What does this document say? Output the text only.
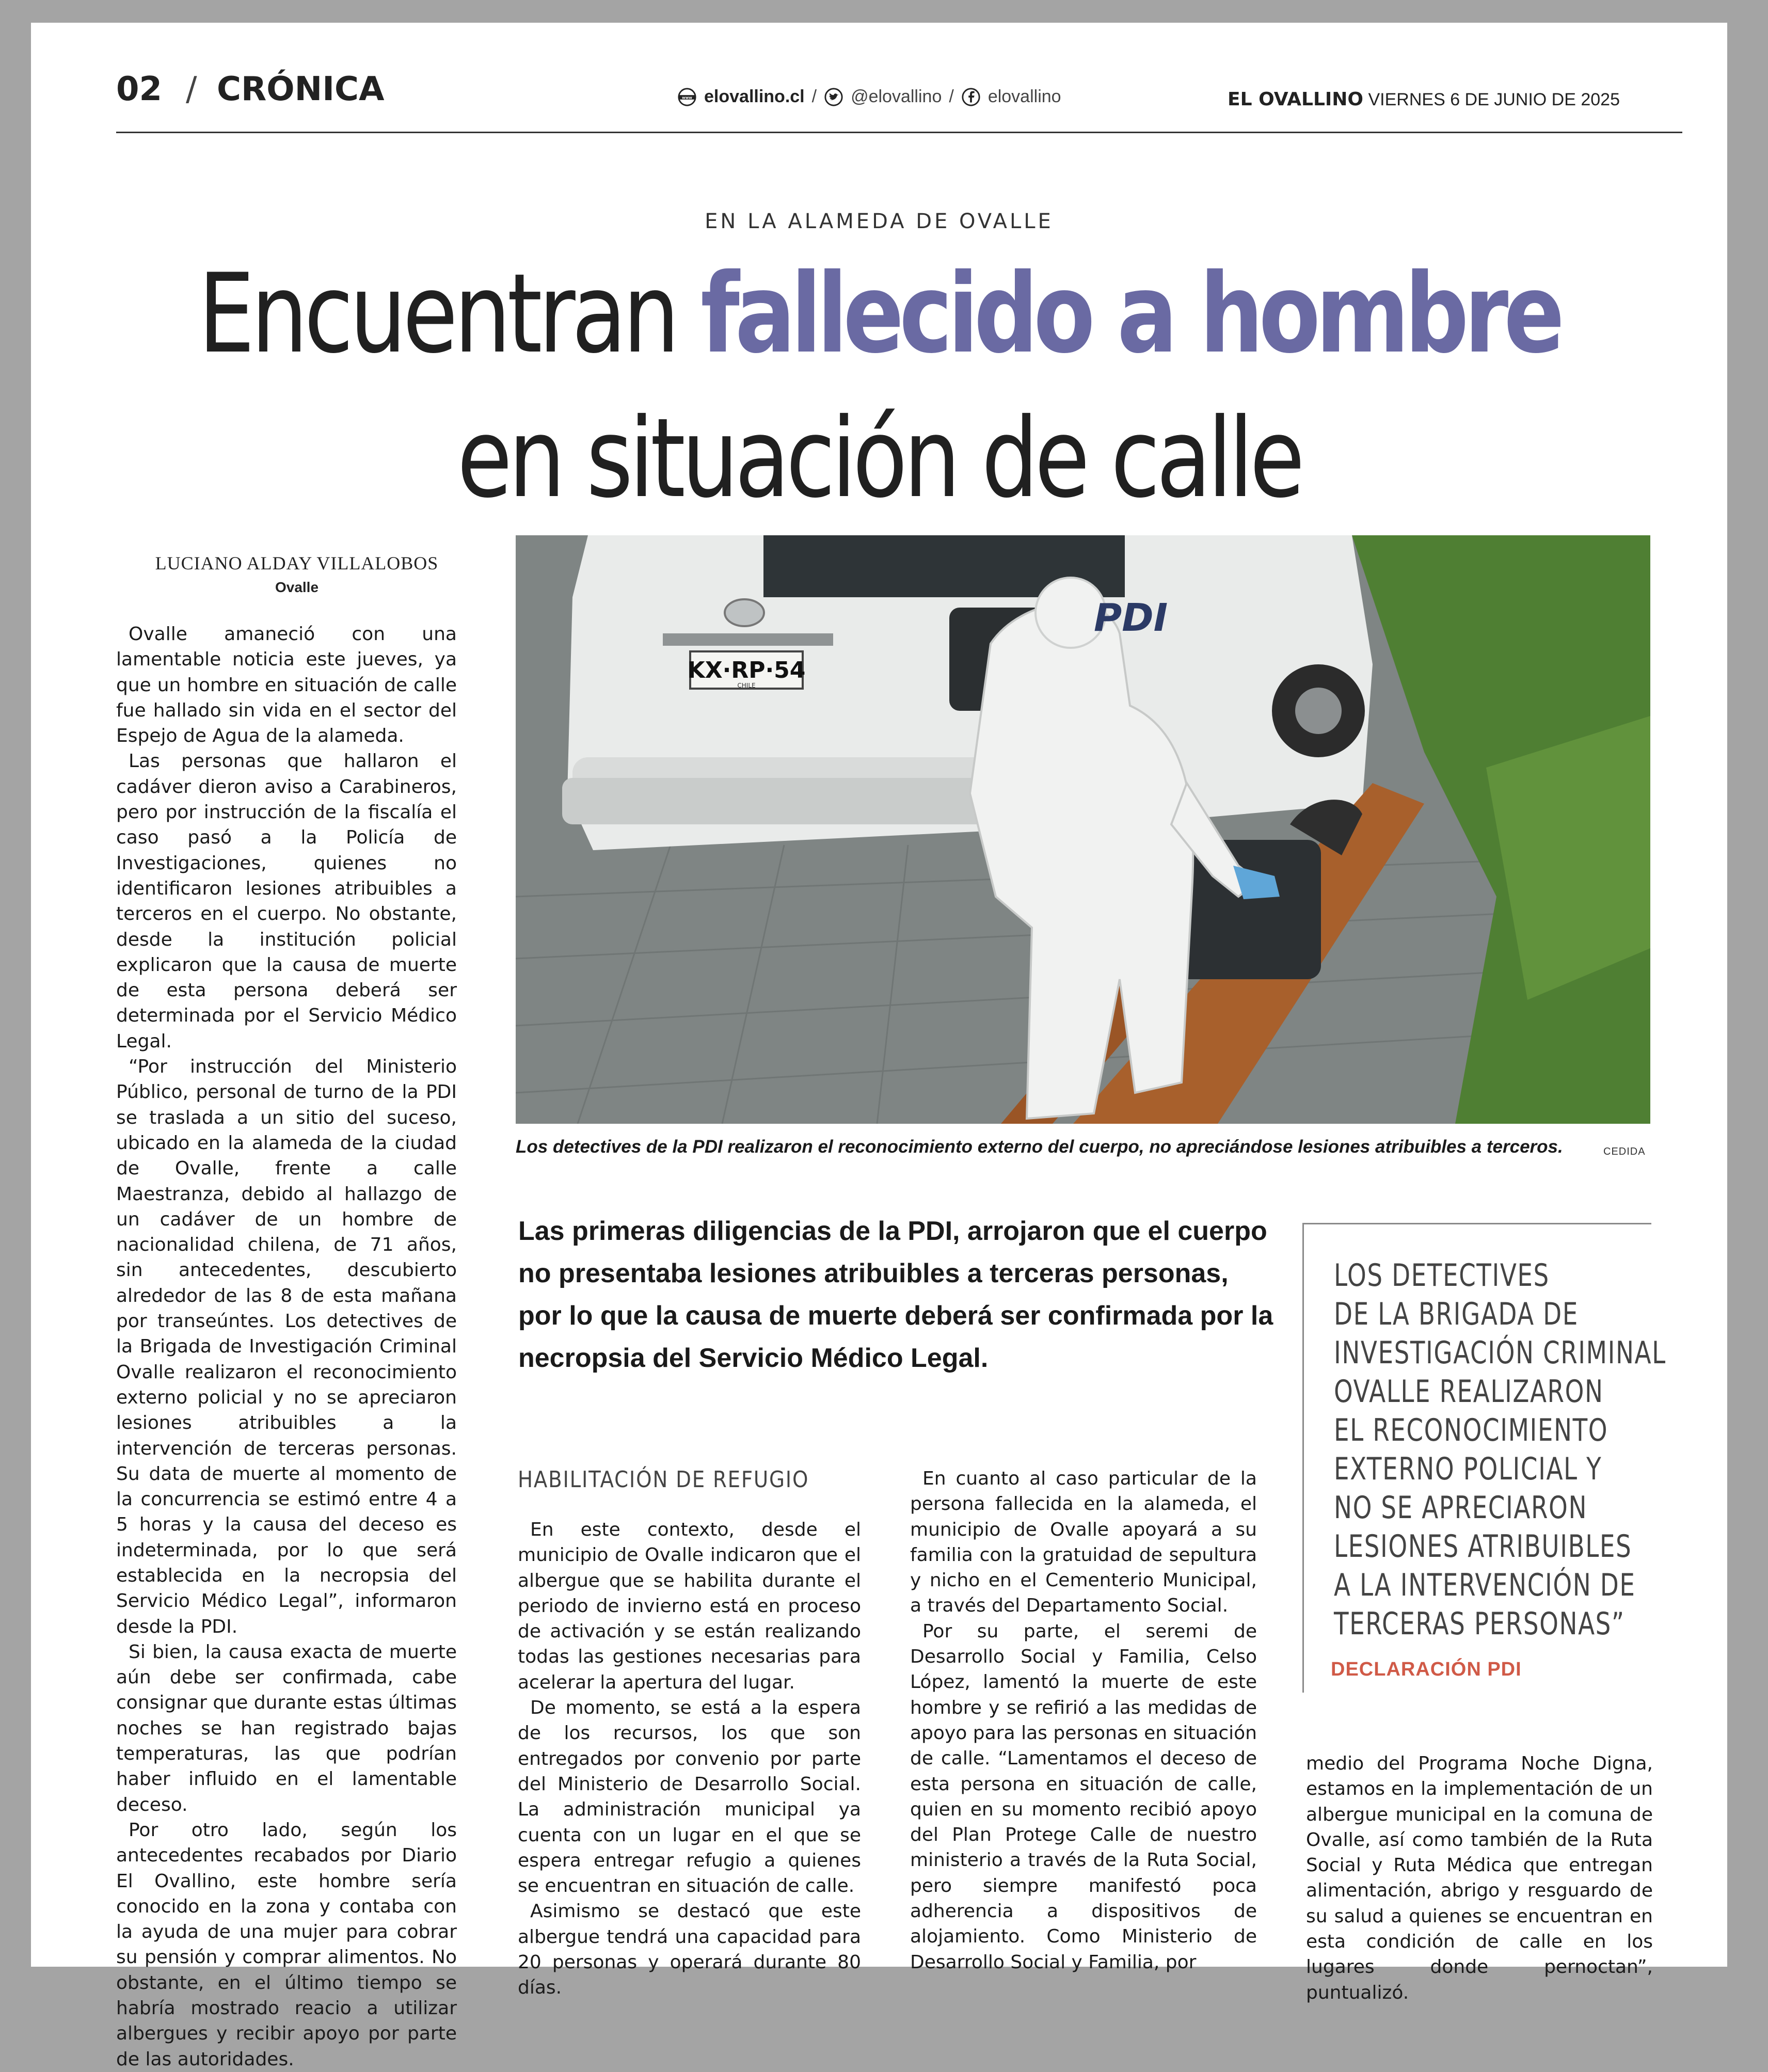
02 / CRÓNICA	www elovallino.cl / @elovallino / elovallino	EL OVALLINO VIERNES 6 DE JUNIO DE 2025
EN LA ALAMEDA DE OVALLE
Encuentran fallecido a hombre
en situación de calle
LUCIANO ALDAY VILLALOBOS
Ovalle

Ovalle amaneció con una lamentable noticia este jueves, ya que un hombre en situación de calle fue hallado sin vida en el sector del Espejo de Agua de la alameda.

Las personas que hallaron el cadáver dieron aviso a Carabineros, pero por instrucción de la fiscalía el caso pasó a la Policía de Investigaciones, quienes no identificaron lesiones atribuibles a terceros en el cuerpo. No obstante, desde la institución policial explicaron que la causa de muerte de esta persona deberá ser determinada por el Servicio Médico Legal.

“Por instrucción del Ministerio Público, personal de turno de la PDI se traslada a un sitio del suceso, ubicado en la alameda de la ciudad de Ovalle, frente a calle Maestranza, debido al hallazgo de un cadáver de un hombre de nacionalidad chilena, de 71 años, sin antecedentes, descubierto alrededor de las 8 de esta mañana por transeúntes. Los detectives de la Brigada de Investigación Criminal Ovalle realizaron el reconocimiento externo policial y no se apreciaron lesiones atribuibles a la intervención de terceras personas. Su data de muerte al momento de la concurrencia se estimó entre 4 a 5 horas y la causa del deceso es indeterminada, por lo que será establecida en la necropsia del Servicio Médico Legal”, informaron desde la PDI.

Si bien, la causa exacta de muerte aún debe ser confirmada, cabe consignar que durante estas últimas noches se han registrado bajas temperaturas, las que podrían haber influido en el lamentable deceso.

Por otro lado, según los antecedentes recabados por Diario El Ovallino, este hombre sería conocido en la zona y contaba con la ayuda de una mujer para cobrar su pensión y comprar alimentos. No obstante, en el último tiempo se habría mostrado reacio a utilizar albergues y recibir apoyo por parte de las autoridades.

KX·RP·54
CHILE
PDI
Los detectives de la PDI realizaron el reconocimiento externo del cuerpo, no apreciándose lesiones atribuibles a terceros.	CEDIDA
Las primeras diligencias de la PDI, arrojaron que el cuerpo
no presentaba lesiones atribuibles a terceras personas,
por lo que la causa de muerte deberá ser confirmada por la
necropsia del Servicio Médico Legal.
LOS DETECTIVES
DE LA BRIGADA DE
INVESTIGACIÓN CRIMINAL
OVALLE REALIZARON
EL RECONOCIMIENTO
EXTERNO POLICIAL Y
NO SE APRECIARON
LESIONES ATRIBUIBLES
A LA INTERVENCIÓN DE
TERCERAS PERSONAS”
DECLARACIÓN PDI
HABILITACIÓN DE REFUGIO

En este contexto, desde el municipio de Ovalle indicaron que el albergue que se habilita durante el periodo de invierno está en proceso de activación y se están realizando todas las gestiones necesarias para acelerar la apertura del lugar.

De momento, se está a la espera de los recursos, los que son entregados por convenio por parte del Ministerio de Desarrollo Social. La administración municipal ya cuenta con un lugar en el que se espera entregar refugio a quienes se encuentran en situación de calle.

Asimismo se destacó que este albergue tendrá una capacidad para 20 personas y operará durante 80 días.

En cuanto al caso particular de la persona fallecida en la alameda, el municipio de Ovalle apoyará a su familia con la gratuidad de sepultura y nicho en el Cementerio Municipal, a través del Departamento Social.

Por su parte, el seremi de Desarrollo Social y Familia, Celso López, lamentó la muerte de este hombre y se refirió a las medidas de apoyo para las personas en situación de calle. “Lamentamos el deceso de esta persona en situación de calle, quien en su momento recibió apoyo del Plan Protege Calle de nuestro ministerio a través de la Ruta Social, pero siempre manifestó poca adherencia a dispositivos de alojamiento. Como Ministerio de Desarrollo Social y Familia, por

medio del Programa Noche Digna, estamos en la implementación de un albergue municipal en la comuna de Ovalle, así como también de la Ruta Social y Ruta Médica que entregan alimentación, abrigo y resguardo de su salud a quienes se encuentran en esta condición de calle en los lugares donde pernoctan”, puntualizó.
